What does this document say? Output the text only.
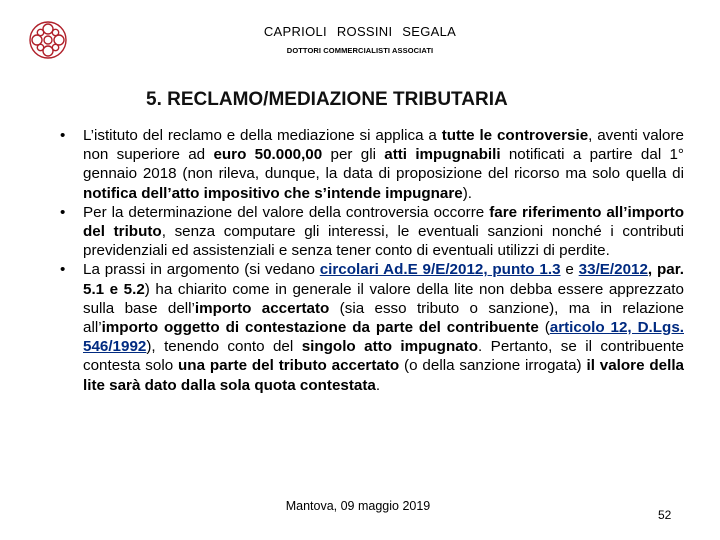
CAPRIOLI ROSSINI SEGALA
DOTTORI COMMERCIALISTI ASSOCIATI
5. RECLAMO/MEDIAZIONE TRIBUTARIA
• L’istituto del reclamo e della mediazione si applica a tutte le controversie, aventi valore non superiore ad euro 50.000,00 per gli atti impugnabili notificati a partire dal 1° gennaio 2018 (non rileva, dunque, la data di proposizione del ricorso ma solo quella di notifica dell’atto impositivo che s’intende impugnare).
• Per la determinazione del valore della controversia occorre fare riferimento all’importo del tributo, senza computare gli interessi, le eventuali sanzioni nonché i contributi previdenziali ed assistenziali e senza tener conto di eventuali utilizzi di perdite.
• La prassi in argomento (si vedano circolari Ad.E 9/E/2012, punto 1.3 e 33/E/2012, par. 5.1 e 5.2) ha chiarito come in generale il valore della lite non debba essere apprezzato sulla base dell’importo accertato (sia esso tributo o sanzione), ma in relazione all’importo oggetto di contestazione da parte del contribuente (articolo 12, D.Lgs. 546/1992), tenendo conto del singolo atto impugnato. Pertanto, se il contribuente contesta solo una parte del tributo accertato (o della sanzione irrogata) il valore della lite sarà dato dalla sola quota contestata.
Mantova, 09 maggio 2019
52
